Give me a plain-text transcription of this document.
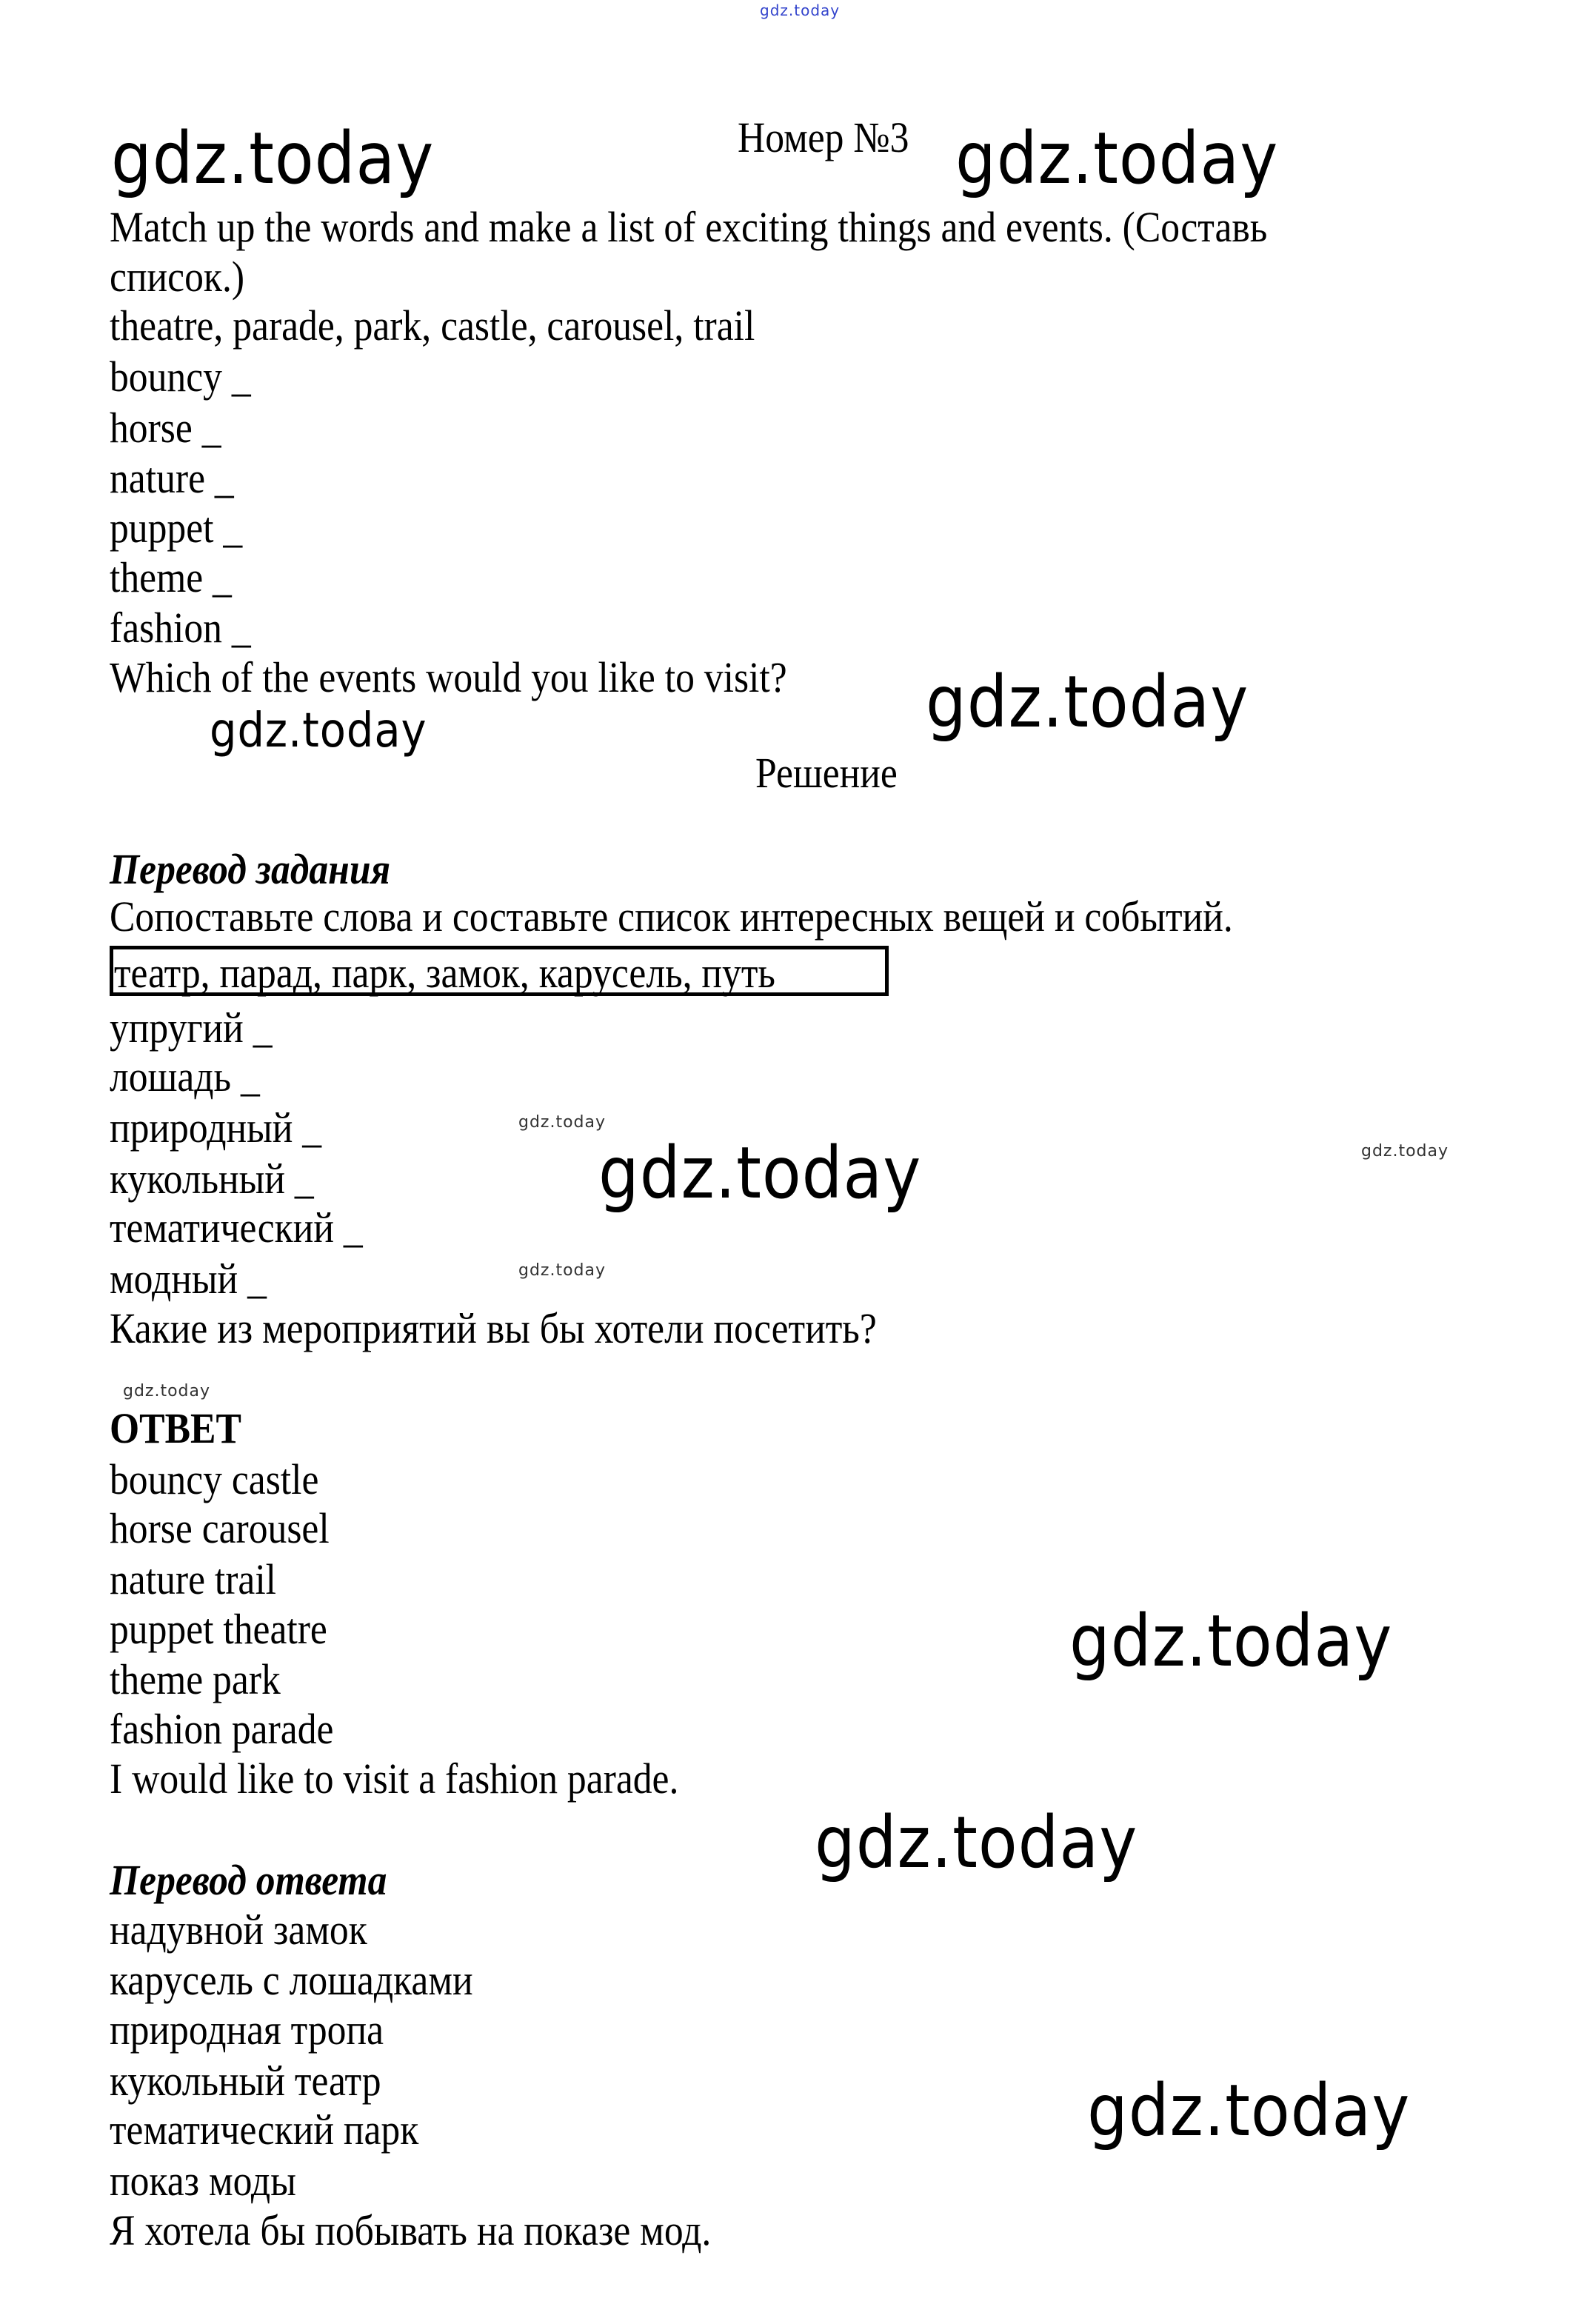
gdz.today
gdz.today	gdz.today
gdz.today
gdz.today
gdz.today
gdz.today
gdz.today
gdz.today
gdz.today
gdz.today
gdz.today
gdz.today
Номер №3
Match up the words and make a list of exciting things and events. (Составь
список.)
theatre, parade, park, castle, carousel, trail
bouncy _
horse _
nature _
puppet _
theme _
fashion _
Which of the events would you like to visit?
Решение
Перевод задания
Сопоставьте слова и составьте список интересных вещей и событий.
театр, парад, парк, замок, карусель, путь
упругий _
лошадь _
природный _
кукольный _
тематический _
модный _
Какие из мероприятий вы бы хотели посетить?
ОТВЕТ
bouncy castle
horse carousel
nature trail
puppet theatre
theme park
fashion parade
I would like to visit a fashion parade.
Перевод ответа
надувной замок
карусель с лошадками
природная тропа
кукольный театр
тематический парк
показ моды
Я хотела бы побывать на показе мод.
